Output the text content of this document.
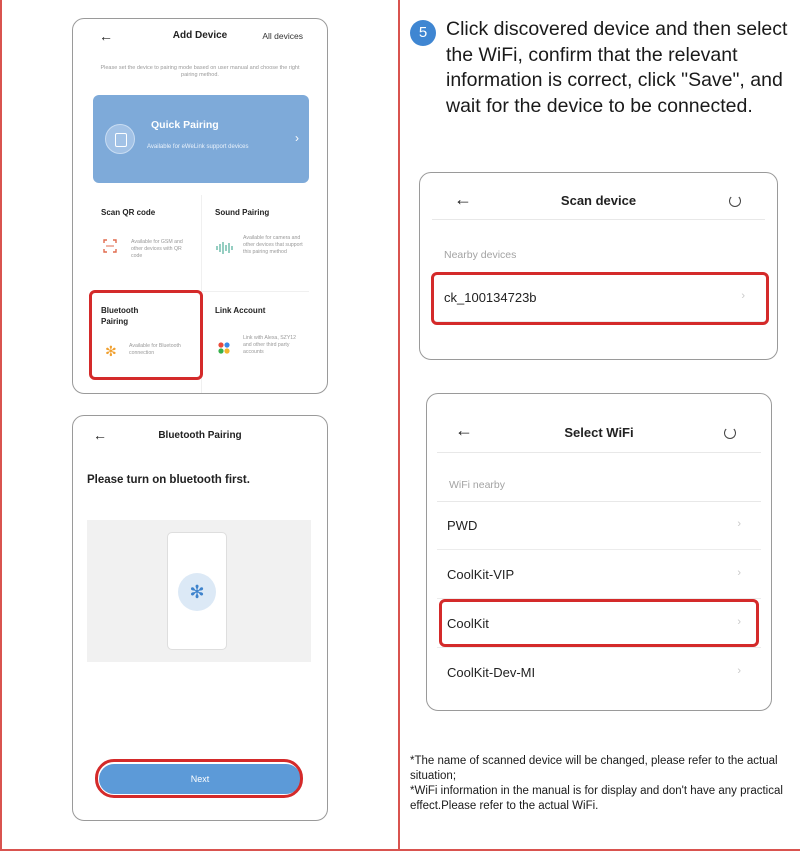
←	Add Device	All devices
Please set the device to pairing mode based on user manual and choose the right pairing method.
Quick Pairing
Available for eWeLink support devices
›
Scan QR code
Available for GSM and other devices with QR code
Sound Pairing
Available for camera and other devices that support this pairing method
Bluetooth Pairing
✻ Available for Bluetooth connection
Link Account
Link with Alexa, SZY12 and other third party accounts
←	Bluetooth Pairing
Please turn on bluetooth first.
✻
Next
5 Click discovered device and then select the WiFi, confirm that the relevant information is correct, click "Save", and wait for the device to be connected.
←	Scan device
Nearby devices
ck_100134723b	›
←	Select WiFi
WiFi nearby
PWD	›
CoolKit-VIP	›
CoolKit	›
CoolKit-Dev-MI	›
*The name of scanned device will be changed, please refer to the actual situation;
*WiFi information in the manual is for display and don't have any practical effect.Please refer to the actual WiFi.
